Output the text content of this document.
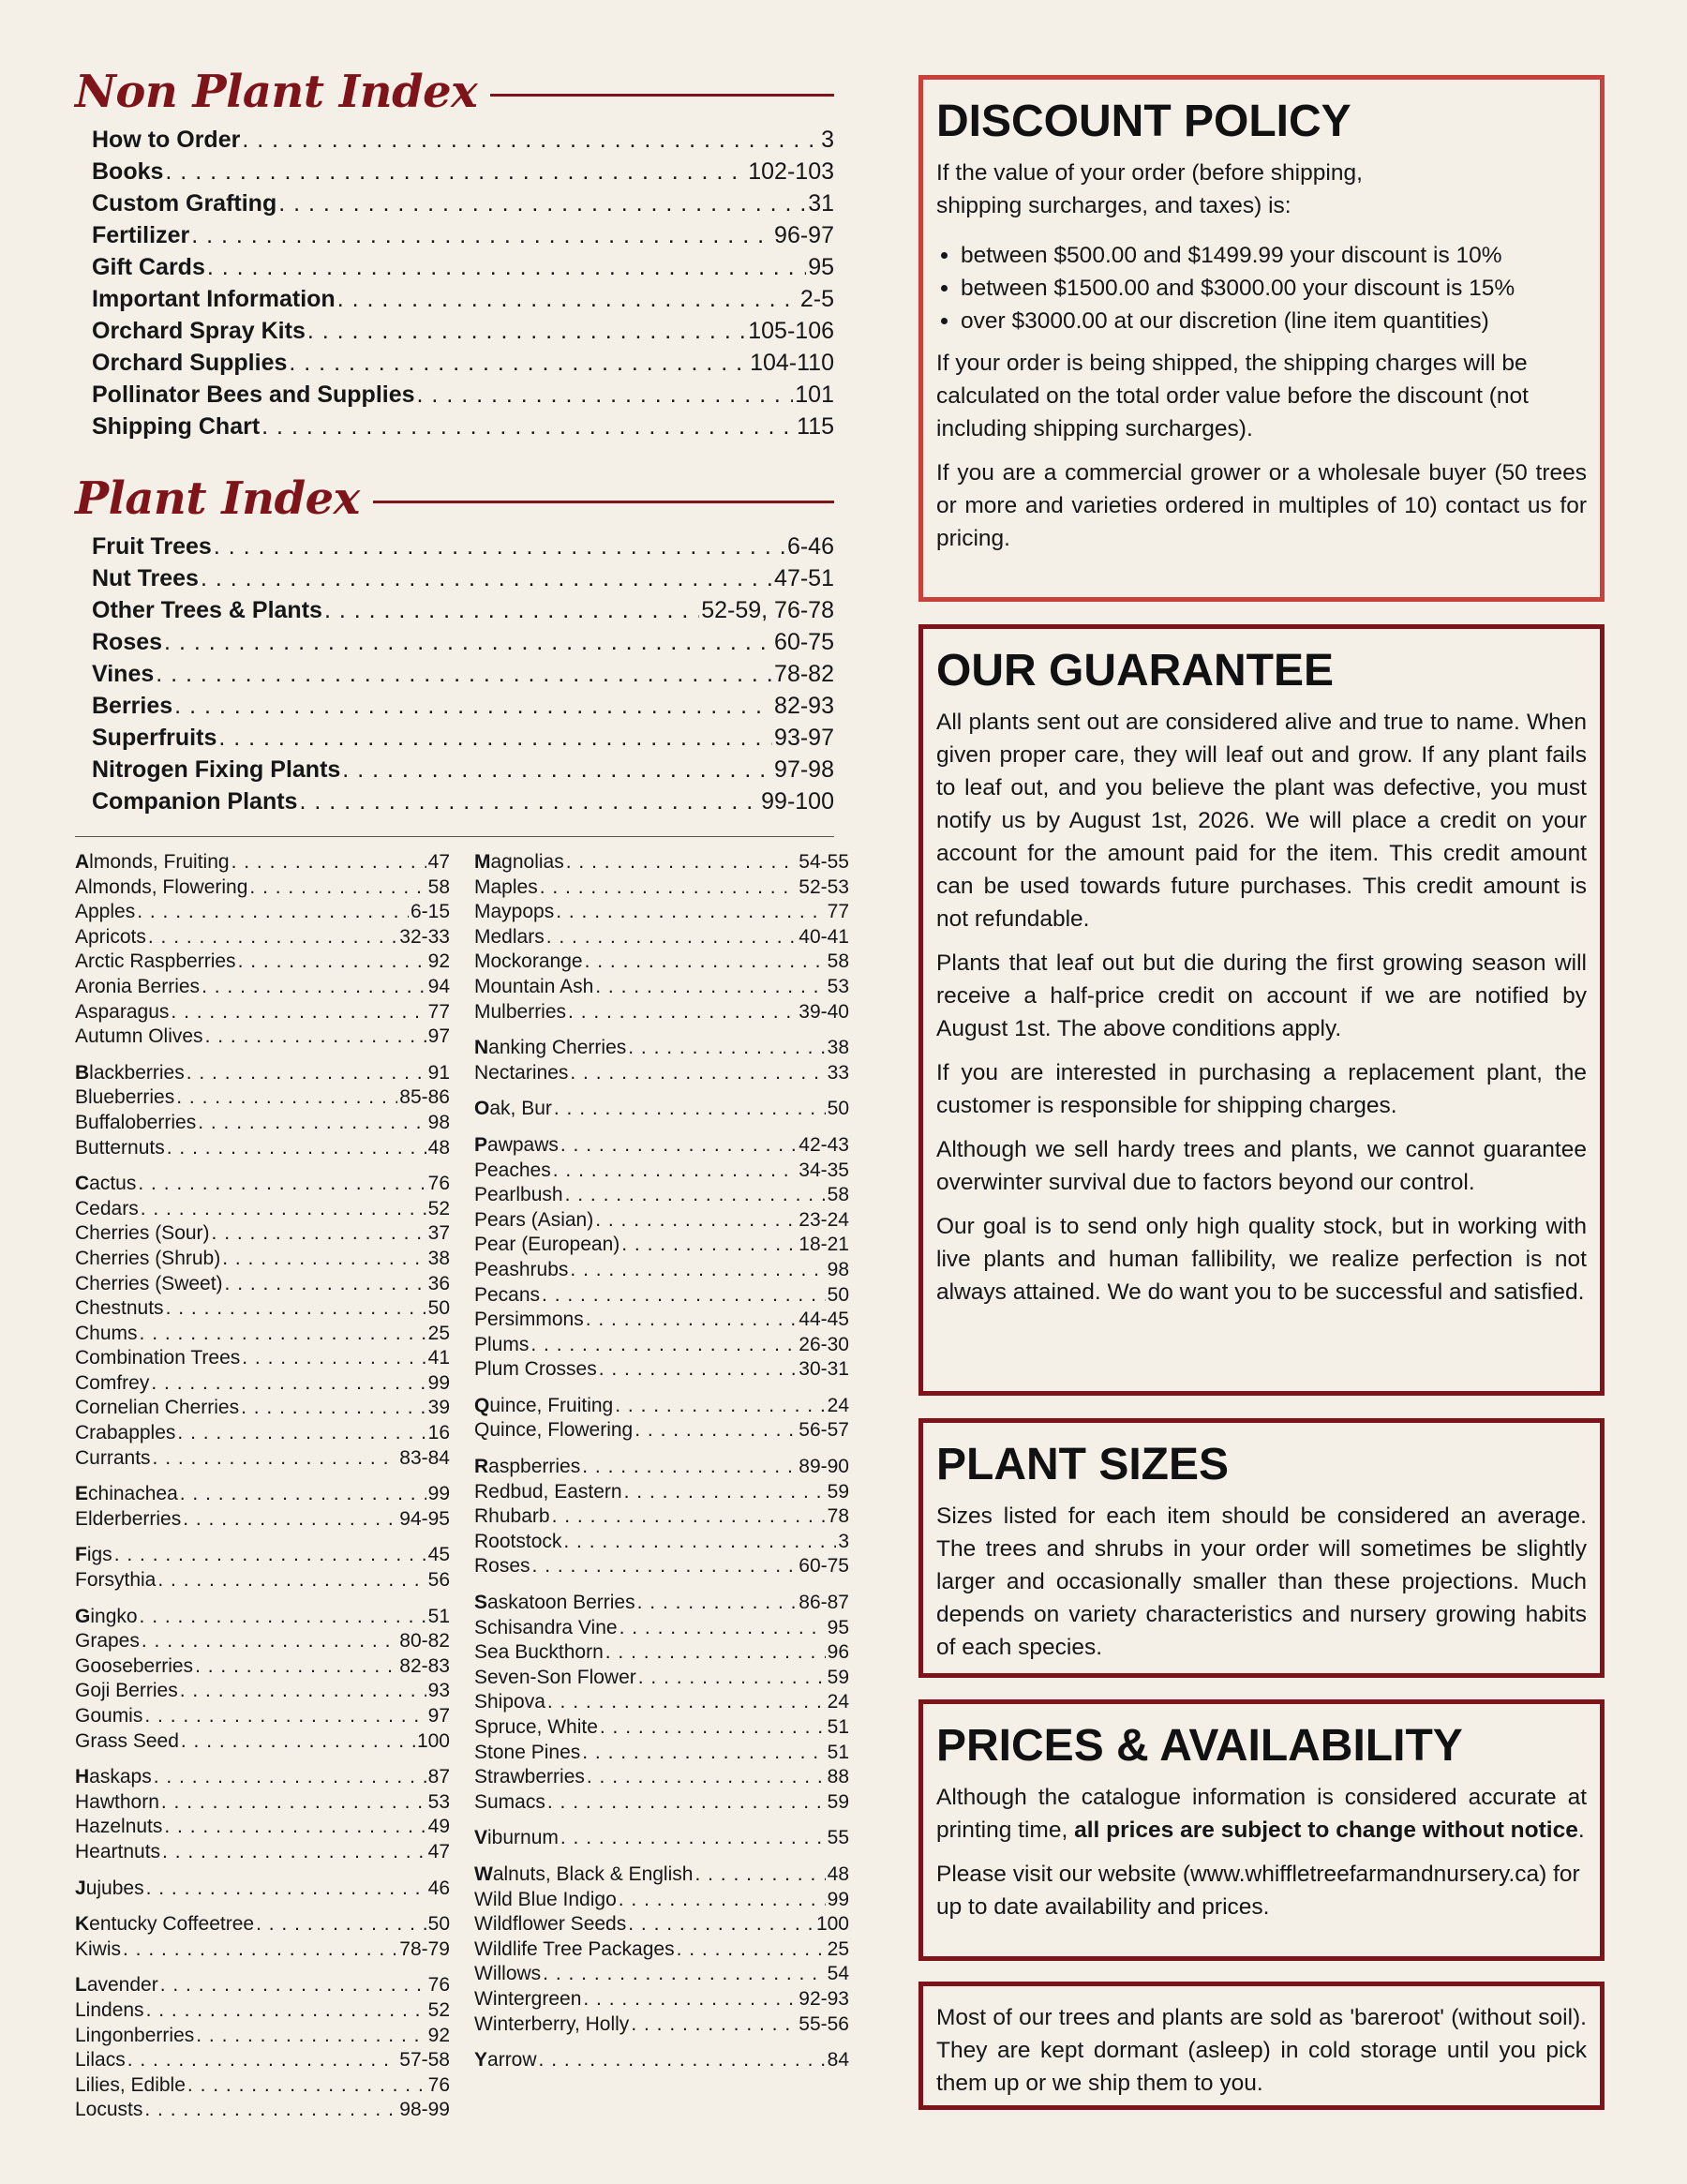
Non Plant Index
How to Order . . .	3
Books . . .	102-103
Custom Grafting . . .	31
Fertilizer . . .	96-97
Gift Cards . . .	95
Important Information . . .	2-5
Orchard Spray Kits . . .	105-106
Orchard Supplies . . .	104-110
Pollinator Bees and Supplies . . .	101
Shipping Chart . . .	115
Plant Index
Fruit Trees . . .	6-46
Nut Trees . . .	47-51
Other Trees & Plants . . .	52-59, 76-78
Roses . . .	60-75
Vines . . .	78-82
Berries . . .	82-93
Superfruits . . .	93-97
Nitrogen Fixing Plants . . .	97-98
Companion Plants . . .	99-100
Almonds, Fruiting . . .	47
Almonds, Flowering . . .	58
Apples . . .	6-15
Apricots . . .	32-33
Arctic Raspberries . . .	92
Aronia Berries . . .	94
Asparagus . . .	77
Autumn Olives . . .	97
Blackberries . . .	91
Blueberries . . .	85-86
Buffaloberries . . .	98
Butternuts . . .	48
Cactus . . .	76
Cedars . . .	52
Cherries (Sour) . . .	37
Cherries (Shrub) . . .	38
Cherries (Sweet) . . .	36
Chestnuts . . .	50
Chums . . .	25
Combination Trees . . .	41
Comfrey . . .	99
Cornelian Cherries . . .	39
Crabapples . . .	16
Currants . . .	83-84
Echinachea . . .	99
Elderberries . . .	94-95
Figs . . .	45
Forsythia . . .	56
Gingko . . .	51
Grapes . . .	80-82
Gooseberries . . .	82-83
Goji Berries . . .	93
Goumis . . .	97
Grass Seed . . .	100
Haskaps . . .	87
Hawthorn . . .	53
Hazelnuts . . .	49
Heartnuts . . .	47
Jujubes . . .	46
Kentucky Coffeetree . . .	50
Kiwis . . .	78-79
Lavender . . .	76
Lindens . . .	52
Lingonberries . . .	92
Lilacs . . .	57-58
Lilies, Edible . . .	76
Locusts . . .	98-99
Magnolias . . .	54-55
Maples . . .	52-53
Maypops . . .	77
Medlars . . .	40-41
Mockorange . . .	58
Mountain Ash . . .	53
Mulberries . . .	39-40
Nanking Cherries . . .	38
Nectarines . . .	33
Oak, Bur . . .	50
Pawpaws . . .	42-43
Peaches . . .	34-35
Pearlbush . . .	58
Pears (Asian) . . .	23-24
Pear (European) . . .	18-21
Peashrubs . . .	98
Pecans . . .	50
Persimmons . . .	44-45
Plums . . .	26-30
Plum Crosses . . .	30-31
Quince, Fruiting . . .	24
Quince, Flowering . . .	56-57
Raspberries . . .	89-90
Redbud, Eastern . . .	59
Rhubarb . . .	78
Rootstock . . .	3
Roses . . .	60-75
Saskatoon Berries . . .	86-87
Schisandra Vine . . .	95
Sea Buckthorn . . .	96
Seven-Son Flower . . .	59
Shipova . . .	24
Spruce, White . . .	51
Stone Pines . . .	51
Strawberries . . .	88
Sumacs . . .	59
Viburnum . . .	55
Walnuts, Black & English . . .	48
Wild Blue Indigo . . .	99
Wildflower Seeds . . .	100
Wildlife Tree Packages . . .	25
Willows . . .	54
Wintergreen . . .	92-93
Winterberry, Holly . . .	55-56
Yarrow . . .	84
DISCOUNT POLICY

If the value of your order (before shipping, shipping surcharges, and taxes) is:

• between $500.00 and $1499.99 your discount is 10%
• between $1500.00 and $3000.00 your discount is 15%
• over $3000.00 at our discretion (line item quantities)

If your order is being shipped, the shipping charges will be calculated on the total order value before the discount (not including shipping surcharges).

If you are a commercial grower or a wholesale buyer (50 trees or more and varieties ordered in multiples of 10) contact us for pricing.

OUR GUARANTEE

All plants sent out are considered alive and true to name. When given proper care, they will leaf out and grow. If any plant fails to leaf out, and you believe the plant was defective, you must notify us by August 1st, 2026. We will place a credit on your account for the amount paid for the item. This credit amount can be used towards future purchases. This credit amount is not refundable.

Plants that leaf out but die during the first growing season will receive a half-price credit on account if we are notified by August 1st. The above conditions apply.

If you are interested in purchasing a replacement plant, the customer is responsible for shipping charges.

Although we sell hardy trees and plants, we cannot guarantee overwinter survival due to factors beyond our control.

Our goal is to send only high quality stock, but in working with live plants and human fallibility, we realize perfection is not always attained. We do want you to be successful and satisfied.

PLANT SIZES

Sizes listed for each item should be considered an average. The trees and shrubs in your order will sometimes be slightly larger and occasionally smaller than these projections. Much depends on variety characteristics and nursery growing habits of each species.

PRICES & AVAILABILITY

Although the catalogue information is considered accurate at printing time, all prices are subject to change without notice.

Please visit our website (www.whiffletreefarmandnursery.ca) for up to date availability and prices.

Most of our trees and plants are sold as 'bareroot' (without soil). They are kept dormant (asleep) in cold storage until you pick them up or we ship them to you.
